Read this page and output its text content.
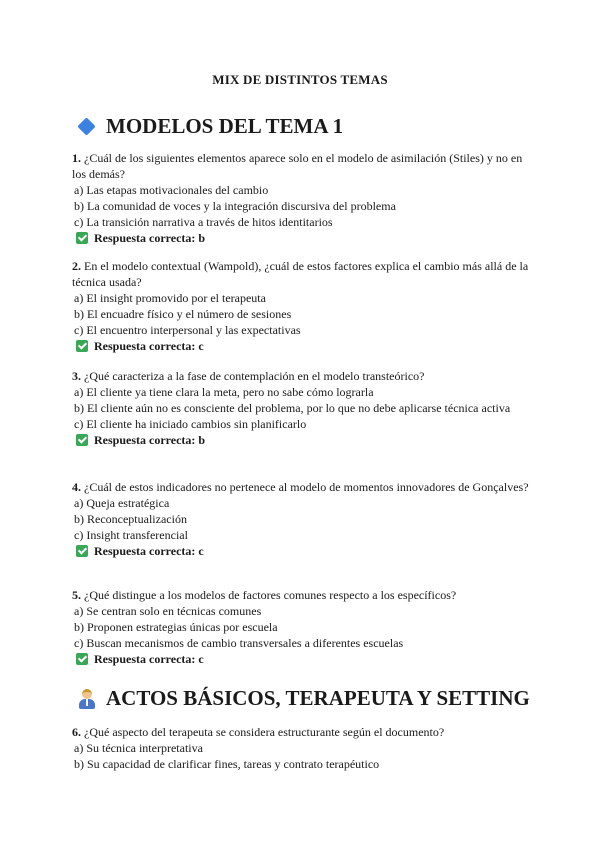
MIX DE DISTINTOS TEMAS
MODELOS DEL TEMA 1
1. ¿Cuál de los siguientes elementos aparece solo en el modelo de asimilación (Stiles) y no en los demás?
a) Las etapas motivacionales del cambio
b) La comunidad de voces y la integración discursiva del problema
c) La transición narrativa a través de hitos identitarios
Respuesta correcta: b
2. En el modelo contextual (Wampold), ¿cuál de estos factores explica el cambio más allá de la técnica usada?
a) El insight promovido por el terapeuta
b) El encuadre físico y el número de sesiones
c) El encuentro interpersonal y las expectativas
Respuesta correcta: c
3. ¿Qué caracteriza a la fase de contemplación en el modelo transteórico?
a) El cliente ya tiene clara la meta, pero no sabe cómo lograrla
b) El cliente aún no es consciente del problema, por lo que no debe aplicarse técnica activa
c) El cliente ha iniciado cambios sin planificarlo
Respuesta correcta: b
4. ¿Cuál de estos indicadores no pertenece al modelo de momentos innovadores de Gonçalves?
a) Queja estratégica
b) Reconceptualización
c) Insight transferencial
Respuesta correcta: c
5. ¿Qué distingue a los modelos de factores comunes respecto a los específicos?
a) Se centran solo en técnicas comunes
b) Proponen estrategias únicas por escuela
c) Buscan mecanismos de cambio transversales a diferentes escuelas
Respuesta correcta: c
ACTOS BÁSICOS, TERAPEUTA Y SETTING
6. ¿Qué aspecto del terapeuta se considera estructurante según el documento?
a) Su técnica interpretativa
b) Su capacidad de clarificar fines, tareas y contrato terapéutico
